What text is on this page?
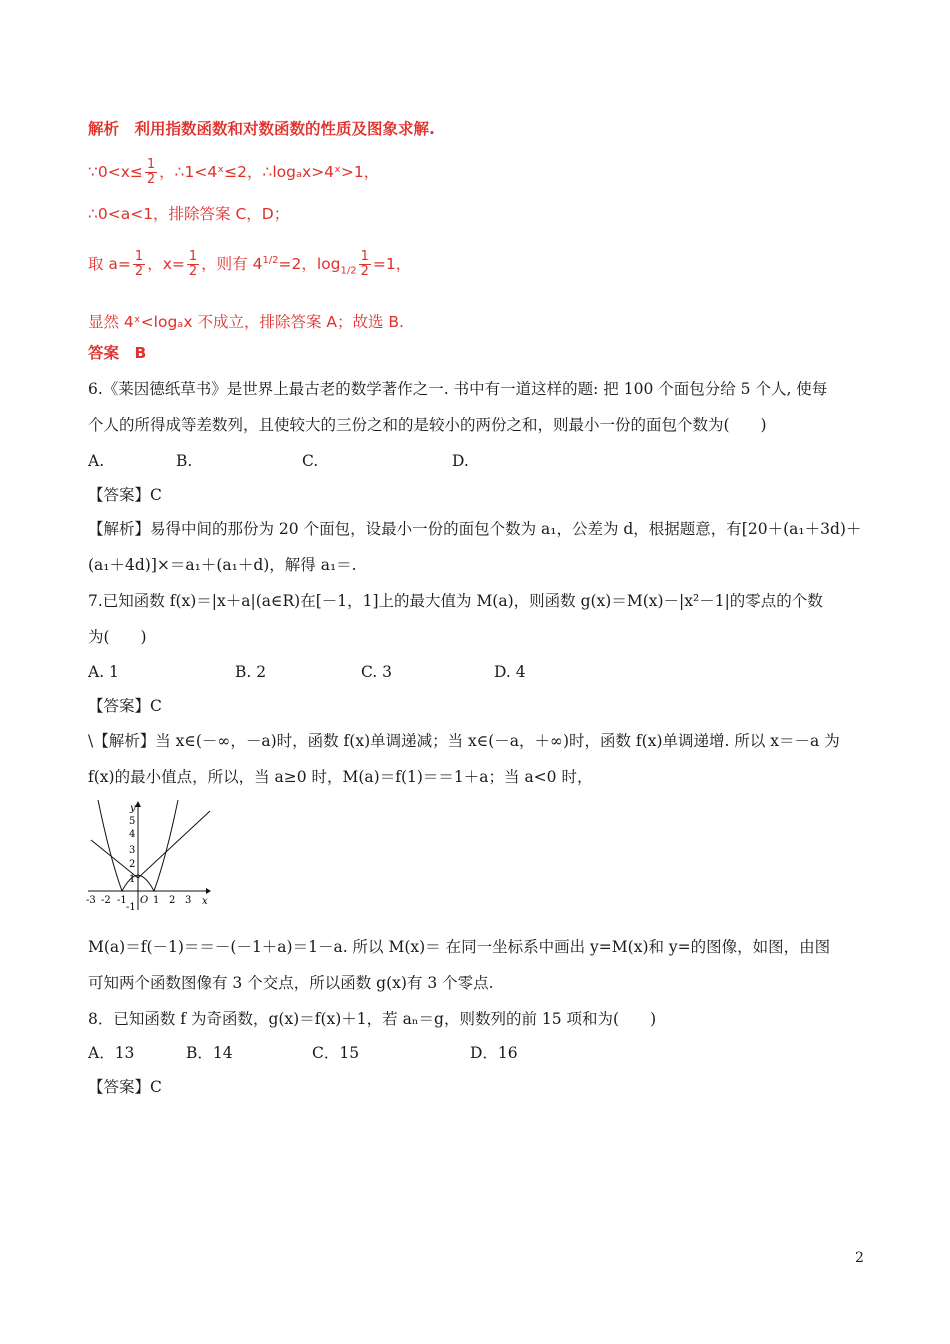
解析　利用指数函数和对数函数的性质及图象求解.
∵0<x≤ $\frac{1}{2}$ ，∴1<4ˣ≤2，∴logₐx>4ˣ>1，
∴0<a<1，排除答案 C，D；
取 $a= \frac{1}{2}$ ，$x= \frac{1}{2}$ ，则有 $4^{1/2}=2$，$\log_{1/2} \frac{1}{2} =1$，
显然 4ˣ<logₐx 不成立，排除答案 A；故选 B.
答案　B
6.《莱因德纸草书》是世界上最古老的数学著作之一. 书中有一道这样的题: 把 100 个面包分给 5 个人, 使每
个人的所得成等差数列，且使较大的三份之和的是较小的两份之和，则最小一份的面包个数为(　　)
A.	B.	C.	D.
【答案】C
【解析】易得中间的那份为 20 个面包，设最小一份的面包个数为 a₁，公差为 d，根据题意，有[20＋(a₁＋3d)＋
(a₁＋4d)]×＝a₁＋(a₁＋d)，解得 a₁＝.
7.已知函数 f(x)＝|x＋a|(a∈R)在[－1，1]上的最大值为 M(a)，则函数 g(x)＝M(x)－|x²－1|的零点的个数
为(　　)
A. 1	B. 2	C. 3	D. 4
【答案】C
\【解析】当 x∈(－∞，－a)时，函数 f(x)单调递减；当 x∈(－a，＋∞)时，函数 f(x)单调递增. 所以 x＝－a 为
f(x)的最小值点，所以，当 a≥0 时，M(a)＝f(1)＝＝1＋a；当 a<0 时，
y
x
5
4
3
2
1
-1
-3 -2 -1 O 1 2 3
M(a)＝f(－1)＝＝－(－1＋a)＝1－a. 所以 M(x)＝ 在同一坐标系中画出 y=M(x)和 y=的图像，如图，由图
可知两个函数图像有 3 个交点，所以函数 g(x)有 3 个零点.
8．已知函数 f 为奇函数，g(x)＝f(x)＋1，若 aₙ＝g，则数列的前 15 项和为(　　)
A．13	B．14	C．15	D．16
【答案】C
2
